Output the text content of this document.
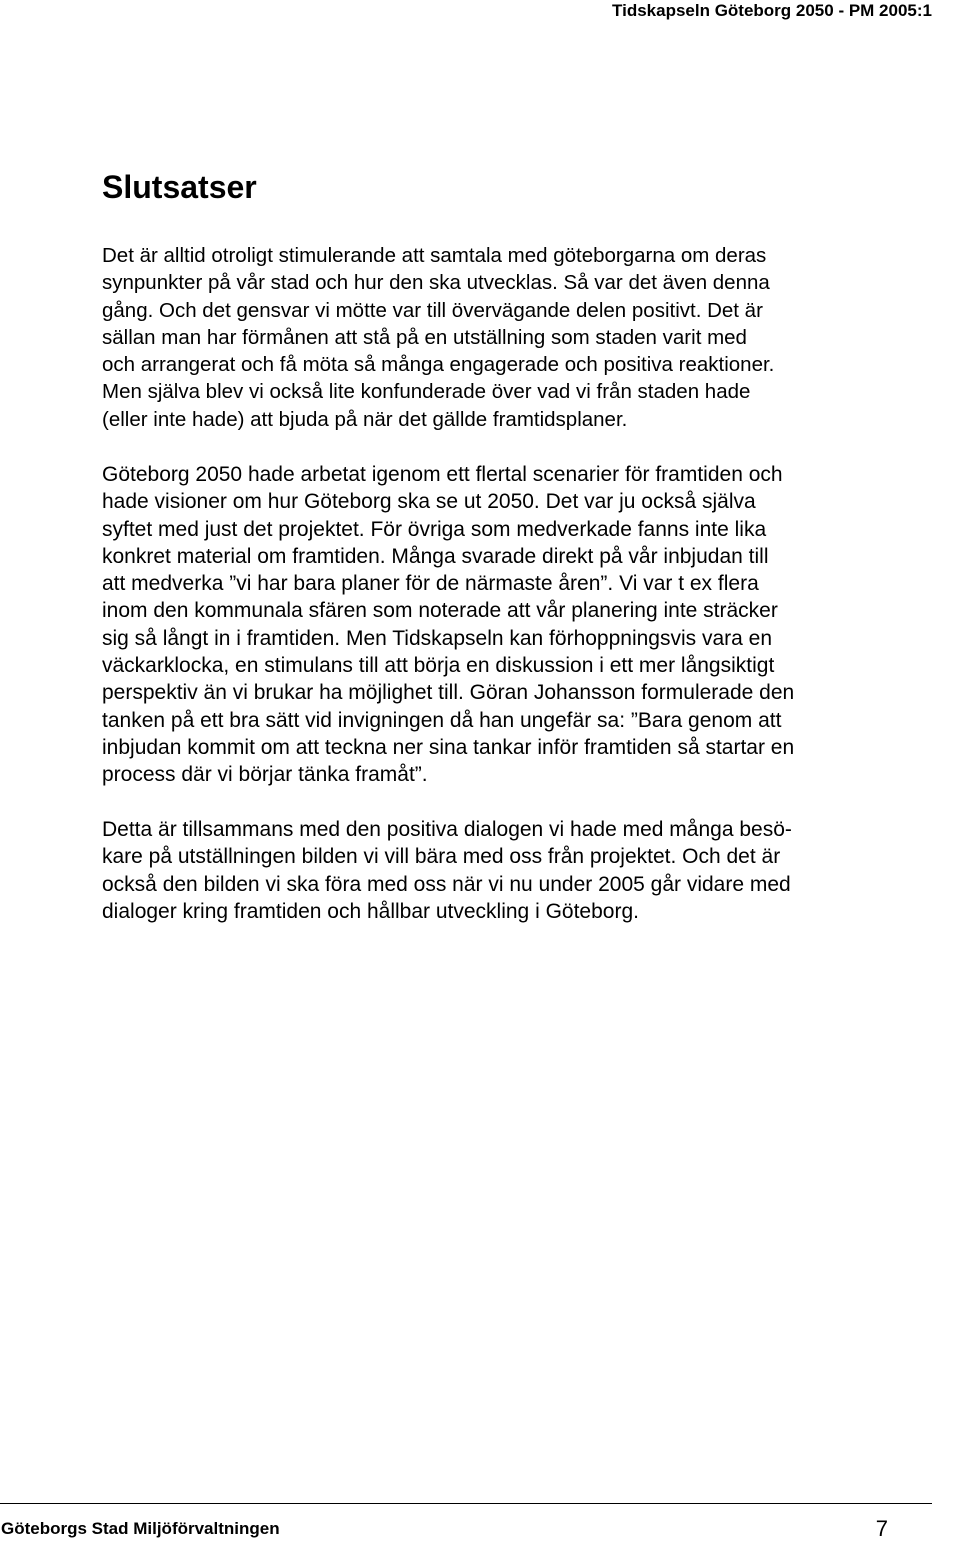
Tidskapseln Göteborg 2050 - PM 2005:1
Slutsatser
Det är alltid otroligt stimulerande att samtala med göteborgarna om deras
synpunkter på vår stad och hur den ska utvecklas. Så var det även denna
gång. Och det gensvar vi mötte var till övervägande delen positivt. Det är
sällan man har förmånen att stå på en utställning som staden varit med
och arrangerat och få möta så många engagerade och positiva reaktioner.
Men själva blev vi också lite konfunderade över vad vi från staden hade
(eller inte hade) att bjuda på när det gällde framtidsplaner.
Göteborg 2050 hade arbetat igenom ett flertal scenarier för framtiden och
hade visioner om hur Göteborg ska se ut 2050. Det var ju också själva
syftet med just det projektet. För övriga som medverkade fanns inte lika
konkret material om framtiden. Många svarade direkt på vår inbjudan till
att medverka ”vi har bara planer för de närmaste åren”. Vi var t ex flera
inom den kommunala sfären som noterade att vår planering inte sträcker
sig så långt in i framtiden. Men Tidskapseln kan förhoppningsvis vara en
väckarklocka, en stimulans till att börja en diskussion i ett mer långsiktigt
perspektiv än vi brukar ha möjlighet till. Göran Johansson formulerade den
tanken på ett bra sätt vid invigningen då han ungefär sa: ”Bara genom att
inbjudan kommit om att teckna ner sina tankar inför framtiden så startar en
process där vi börjar tänka framåt”.
Detta är tillsammans med den positiva dialogen vi hade med många besö-
kare på utställningen bilden vi vill bära med oss från projektet. Och det är
också den bilden vi ska föra med oss när vi nu under 2005 går vidare med
dialoger kring framtiden och hållbar utveckling i Göteborg.
Göteborgs Stad Miljöförvaltningen	7
